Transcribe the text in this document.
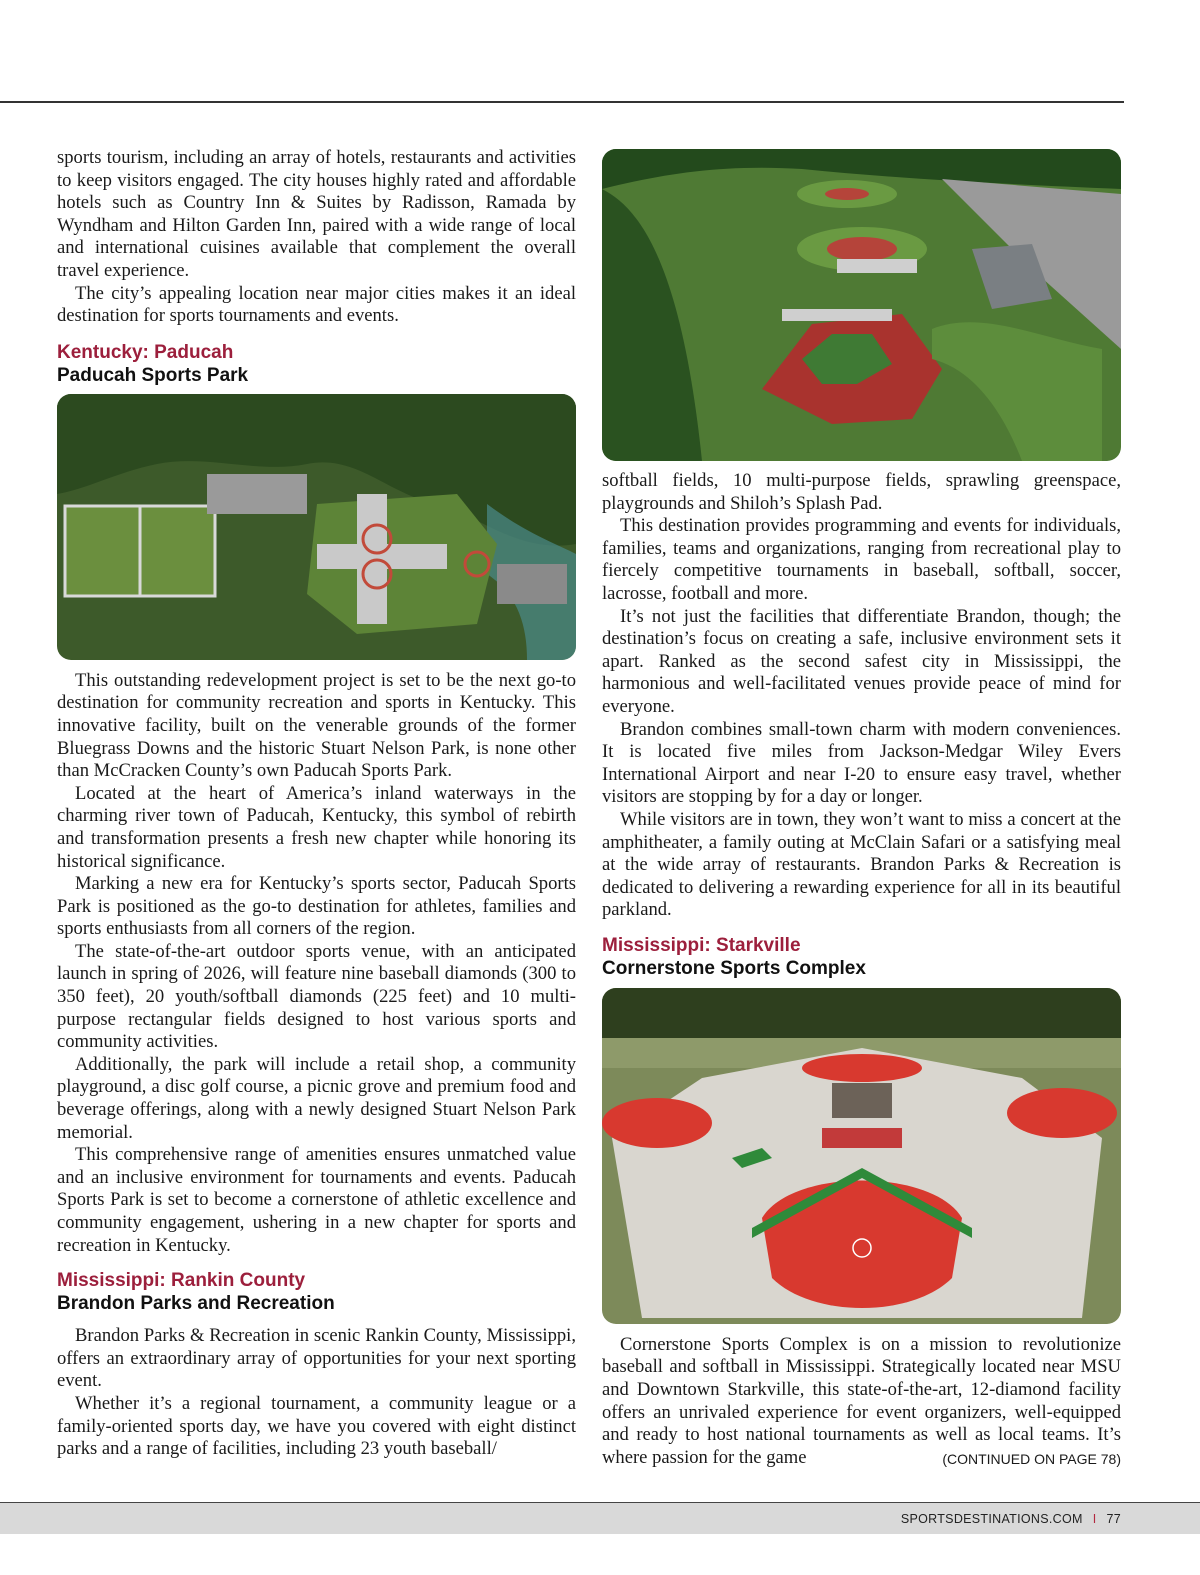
sports tourism, including an array of hotels, restaurants and activities to keep visitors engaged. The city houses highly rated and affordable hotels such as Country Inn & Suites by Radisson, Ramada by Wyndham and Hilton Garden Inn, paired with a wide range of local and international cuisines available that complement the overall travel experience.

The city’s appealing location near major cities makes it an ideal destination for sports tournaments and events.

Kentucky: Paducah
Paducah Sports Park

This outstanding redevelopment project is set to be the next go-to destination for community recreation and sports in Kentucky. This innovative facility, built on the venerable grounds of the former Bluegrass Downs and the historic Stuart Nelson Park, is none other than McCracken County’s own Paducah Sports Park.

Located at the heart of America’s inland waterways in the charming river town of Paducah, Kentucky, this symbol of rebirth and transformation presents a fresh new chapter while honoring its historical significance.

Marking a new era for Kentucky’s sports sector, Paducah Sports Park is positioned as the go-to destination for athletes, families and sports enthusiasts from all corners of the region.

The state-of-the-art outdoor sports venue, with an anticipated launch in spring of 2026, will feature nine baseball diamonds (300 to 350 feet), 20 youth/softball diamonds (225 feet) and 10 multi-purpose rectangular fields designed to host various sports and community activities.

Additionally, the park will include a retail shop, a community playground, a disc golf course, a picnic grove and premium food and beverage offerings, along with a newly designed Stuart Nelson Park memorial.

This comprehensive range of amenities ensures unmatched value and an inclusive environment for tournaments and events. Paducah Sports Park is set to become a cornerstone of athletic excellence and community engagement, ushering in a new chapter for sports and recreation in Kentucky.

Mississippi: Rankin County
Brandon Parks and Recreation

Brandon Parks & Recreation in scenic Rankin County, Mississippi, offers an extraordinary array of opportunities for your next sporting event.

Whether it’s a regional tournament, a community league or a family-oriented sports day, we have you covered with eight distinct parks and a range of facilities, including 23 youth baseball/

softball fields, 10 multi-purpose fields, sprawling greenspace, playgrounds and Shiloh’s Splash Pad.

This destination provides programming and events for individuals, families, teams and organizations, ranging from recreational play to fiercely competitive tournaments in baseball, softball, soccer, lacrosse, football and more.

It’s not just the facilities that differentiate Brandon, though; the destination’s focus on creating a safe, inclusive environment sets it apart. Ranked as the second safest city in Mississippi, the harmonious and well-facilitated venues provide peace of mind for everyone.

Brandon combines small-town charm with modern conveniences. It is located five miles from Jackson-Medgar Wiley Evers International Airport and near I-20 to ensure easy travel, whether visitors are stopping by for a day or longer.

While visitors are in town, they won’t want to miss a concert at the amphitheater, a family outing at McClain Safari or a satisfying meal at the wide array of restaurants. Brandon Parks & Recreation is dedicated to delivering a rewarding experience for all in its beautiful parkland.

Mississippi: Starkville
Cornerstone Sports Complex

Cornerstone Sports Complex is on a mission to revolutionize baseball and softball in Mississippi. Strategically located near MSU and Downtown Starkville, this state-of-the-art, 12-diamond facility offers an unrivaled experience for event organizers, well-equipped and ready to host national tournaments as well as local teams. It’s where passion for the game	(CONTINUED ON PAGE 78)

SPORTSDESTINATIONS.COM I 77
